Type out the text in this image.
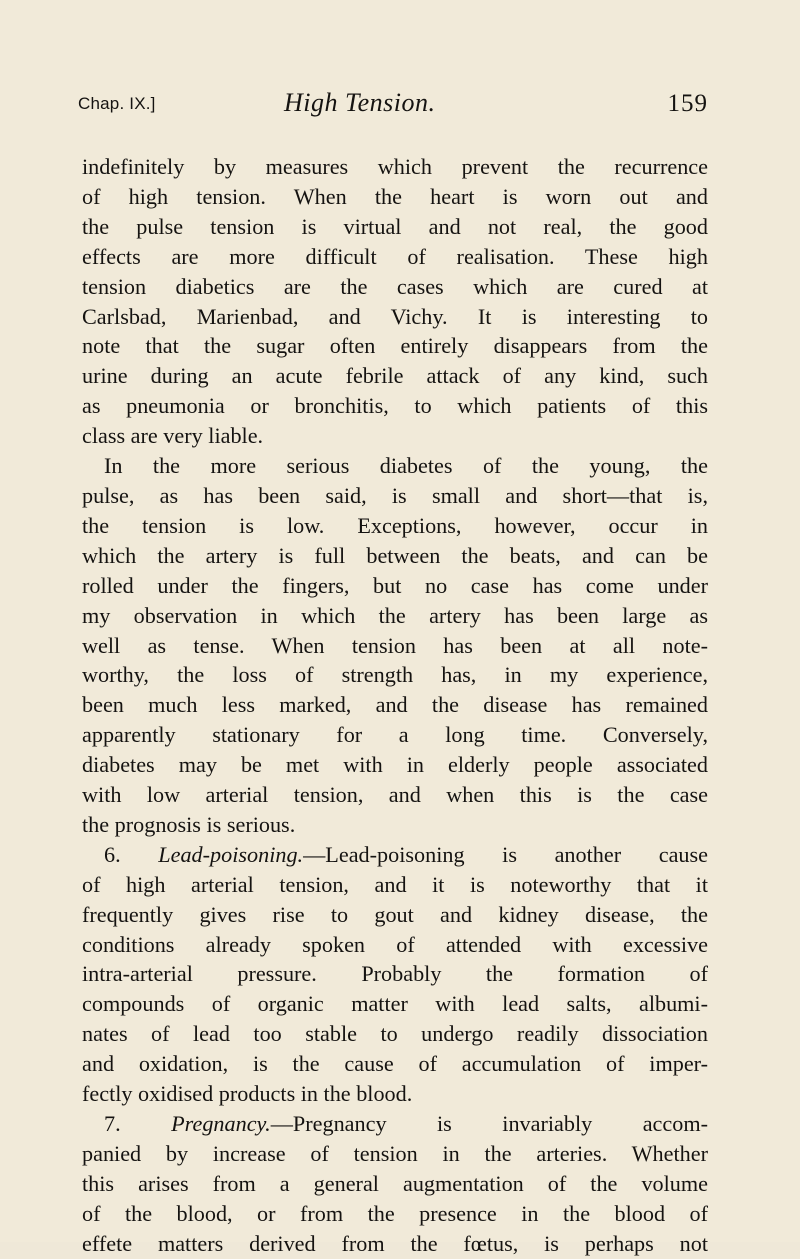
Chap. IX.]	High Tension.	159
indefinitely by measures which prevent the recurrence
of high tension. When the heart is worn out and
the pulse tension is virtual and not real, the good
effects are more difficult of realisation. These high
tension diabetics are the cases which are cured at
Carlsbad, Marienbad, and Vichy. It is interesting to
note that the sugar often entirely disappears from the
urine during an acute febrile attack of any kind, such
as pneumonia or bronchitis, to which patients of this
class are very liable.
In the more serious diabetes of the young, the
pulse, as has been said, is small and short—that is,
the tension is low. Exceptions, however, occur in
which the artery is full between the beats, and can be
rolled under the fingers, but no case has come under
my observation in which the artery has been large as
well as tense. When tension has been at all note-
worthy, the loss of strength has, in my experience,
been much less marked, and the disease has remained
apparently stationary for a long time. Conversely,
diabetes may be met with in elderly people associated
with low arterial tension, and when this is the case
the prognosis is serious.
6. Lead-poisoning.—Lead-poisoning is another cause
of high arterial tension, and it is noteworthy that it
frequently gives rise to gout and kidney disease, the
conditions already spoken of attended with excessive
intra-arterial pressure. Probably the formation of
compounds of organic matter with lead salts, albumi-
nates of lead too stable to undergo readily dissociation
and oxidation, is the cause of accumulation of imper-
fectly oxidised products in the blood.
7. Pregnancy.—Pregnancy is invariably accom-
panied by increase of tension in the arteries. Whether
this arises from a general augmentation of the volume
of the blood, or from the presence in the blood of
effete matters derived from the fœtus, is perhaps not
